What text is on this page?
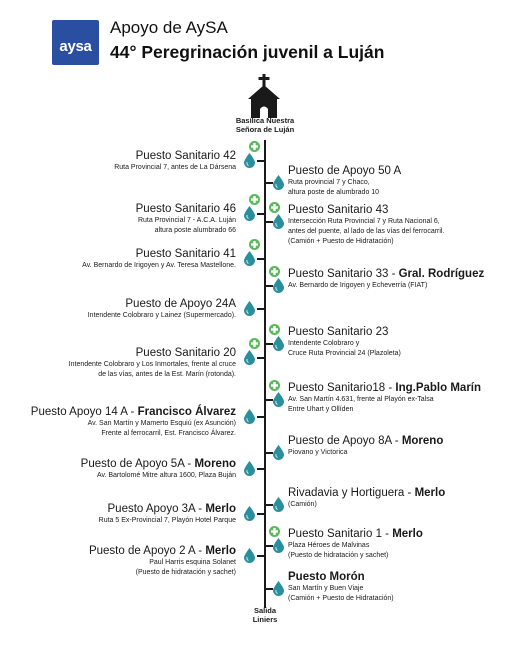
aysa
Apoyo de AySA
44° Peregrinación juvenil a Luján
Basílica Nuestra
Señora de Luján
Salida
Liniers
Puesto Sanitario 42
Ruta Provincial 7, antes de La Dársena
Puesto Sanitario 46
Ruta Provincial 7 - A.C.A. Luján
altura poste alumbrado 66
Puesto Sanitario 41
Av. Bernardo de Irigoyen y Av. Teresa Mastellone.
Puesto de Apoyo 24A
Intendente Colobraro y Lainez (Supermercado).
Puesto Sanitario 20
Intendente Colobraro y Los Inmortales, frente al cruce
de las vías, antes de la Est. Marín (rotonda).
Puesto Apoyo 14 A - Francisco Álvarez
Av. San Martín y Mamerto Esquiú (ex Asunción)
Frente al ferrocarril, Est. Francisco Álvarez.
Puesto de Apoyo 5A - Moreno
Av. Bartolomé Mitre altura 1600, Plaza Buján
Puesto Apoyo 3A - Merlo
Ruta 5 Ex-Provincial 7, Playón Hotel Parque
Puesto de Apoyo 2 A - Merlo
Paul Harris esquina Solanet
(Puesto de hidratación y sachet)
Puesto de Apoyo 50 A
Ruta provincial 7 y Chaco,
altura poste de alumbrado 10
Puesto Sanitario 43
Intersección Ruta Provincial 7 y Ruta Nacional 6,
antes del puente, al lado de las vías del ferrocarril.
(Camión + Puesto de Hidratación)
Puesto Sanitario 33 - Gral. Rodríguez
Av. Bernardo de Irigoyen y Echeverría (FIAT)
Puesto Sanitario 23
Intendente Colobraro y
Cruce Ruta Provincial 24 (Plazoleta)
Puesto Sanitario18 - Ing.Pablo Marín
Av. San Martín 4.631, frente al Playón ex-Talsa
Entre Uhart y Ollíden
Puesto de Apoyo 8A - Moreno
Piovano y Victorica
Rivadavia y Hortiguera - Merlo
(Camión)
Puesto Sanitario 1 - Merlo
Plaza Héroes de Malvinas
(Puesto de hidratación y sachet)
Puesto Morón
San Martín y Buen Viaje
(Camión + Puesto de Hidratación)
